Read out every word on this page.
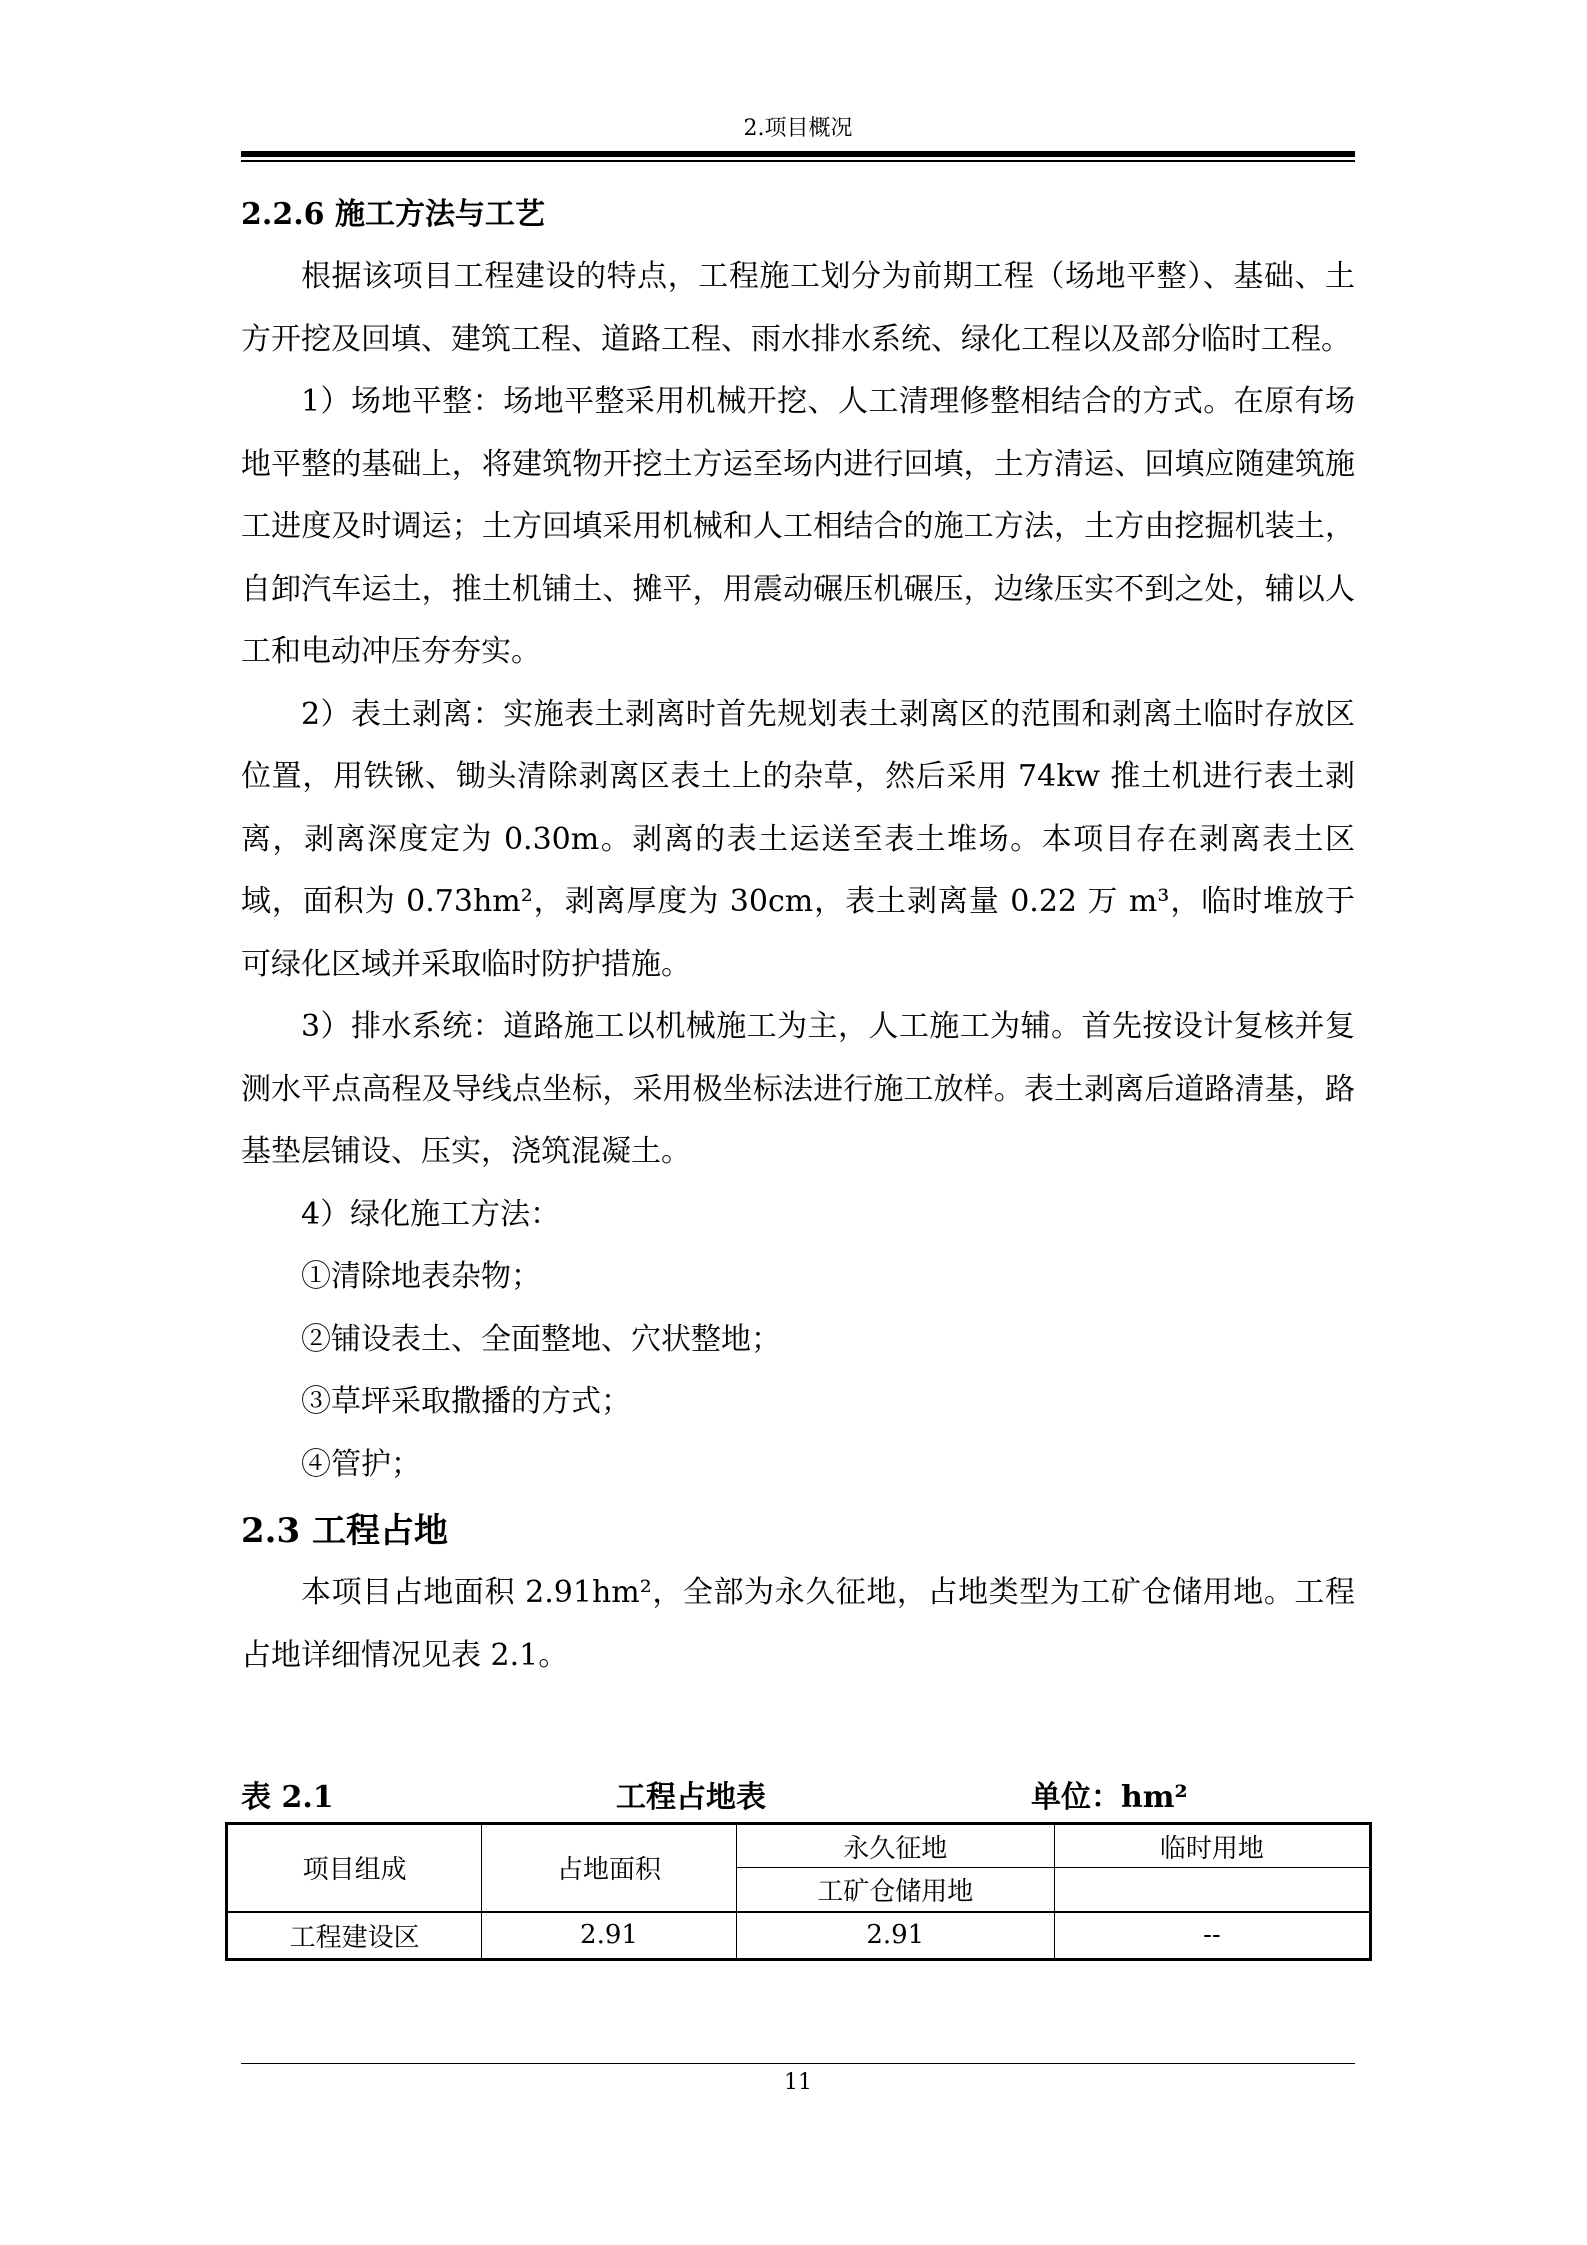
2.项目概况
2.2.6 施工方法与工艺

根据该项目工程建设的特点，工程施工划分为前期工程（场地平整）、基础、土方开挖及回填、建筑工程、道路工程、雨水排水系统、绿化工程以及部分临时工程。

1）场地平整：场地平整采用机械开挖、人工清理修整相结合的方式。在原有场地平整的基础上，将建筑物开挖土方运至场内进行回填，土方清运、回填应随建筑施工进度及时调运；土方回填采用机械和人工相结合的施工方法，土方由挖掘机装土，自卸汽车运土，推土机铺土、摊平，用震动碾压机碾压，边缘压实不到之处，辅以人工和电动冲压夯夯实。

2）表土剥离：实施表土剥离时首先规划表土剥离区的范围和剥离土临时存放区位置，用铁锹、锄头清除剥离区表土上的杂草，然后采用 74kw 推土机进行表土剥离，剥离深度定为 0.30m。剥离的表土运送至表土堆场。本项目存在剥离表土区域，面积为 0.73hm²，剥离厚度为 30cm，表土剥离量 0.22 万 m³，临时堆放于可绿化区域并采取临时防护措施。

3）排水系统：道路施工以机械施工为主，人工施工为辅。首先按设计复核并复测水平点高程及导线点坐标，采用极坐标法进行施工放样。表土剥离后道路清基，路基垫层铺设、压实，浇筑混凝土。

4）绿化施工方法：

①清除地表杂物；

②铺设表土、全面整地、穴状整地；

③草坪采取撒播的方式；

④管护；

2.3 工程占地

本项目占地面积 2.91hm²，全部为永久征地，占地类型为工矿仓储用地。工程占地详细情况见表 2.1。

表 2.1	工程占地表	单位：hm²
项目组成	占地面积	永久征地	临时用地
		工矿仓储用地	
工程建设区	2.91	2.91	--
11
